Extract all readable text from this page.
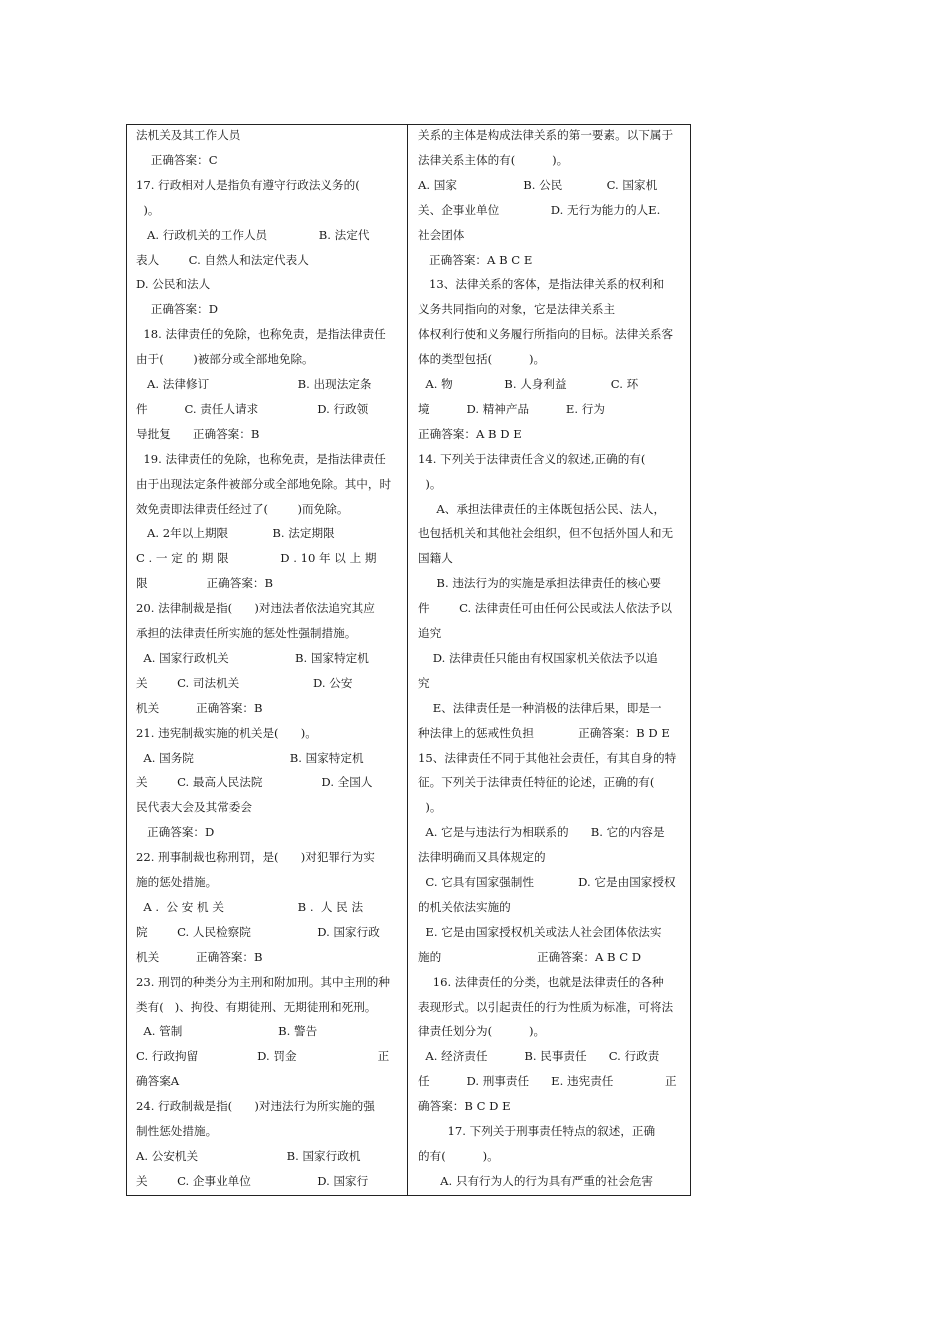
法机关及其工作人员
正确答案：C
17. 行政相对人是指负有遵守行政法义务的(
)。
A. 行政机关的工作人员              B. 法定代
表人        C. 自然人和法定代表人
D. 公民和法人
正确答案：D
18. 法律责任的免除，也称免责，是指法律责任
由于(        )被部分或全部地免除。
A. 法律修订                        B. 出现法定条
件          C. 责任人请求                D. 行政领
导批复      正确答案：B
19. 法律责任的免除，也称免责，是指法律责任
由于出现法定条件被部分或全部地免除。其中，时
效免责即法律责任经过了(        )而免除。
A. 2年以上期限            B. 法定期限
C . 一 定 的 期 限              D . 10 年 以 上 期
限                正确答案：B
20. 法律制裁是指(      )对违法者依法追究其应
承担的法律责任所实施的惩处性强制措施。
A. 国家行政机关                  B. 国家特定机
关        C. 司法机关                    D. 公安
机关          正确答案：B
21. 违宪制裁实施的机关是(      )。
A. 国务院                          B. 国家特定机
关        C. 最高人民法院                D. 全国人
民代表大会及其常委会
正确答案：D
22. 刑事制裁也称刑罚，是(      )对犯罪行为实
施的惩处措施。
A .  公 安 机 关                    B .  人 民 法
院        C. 人民检察院                  D. 国家行政
机关          正确答案：B
23. 刑罚的种类分为主刑和附加刑。其中主刑的种
类有(   )、拘役、有期徒刑、无期徒刑和死刑。
A. 管制                          B. 警告
C. 行政拘留                D. 罚金                      正
确答案A
24. 行政制裁是指(      )对违法行为所实施的强
制性惩处措施。
A. 公安机关                        B. 国家行政机
关        C. 企事业单位                  D. 国家行
关系的主体是构成法律关系的第一要素。以下属于
法律关系主体的有(          )。
A. 国家                  B. 公民            C. 国家机
关、企事业单位              D. 无行为能力的人E.
社会团体
正确答案：A B C E
13、法律关系的客体，是指法律关系的权利和
义务共同指向的对象，它是法律关系主
体权利行使和义务履行所指向的目标。法律关系客
体的类型包括(          )。
A. 物              B. 人身利益            C. 环
境          D. 精神产品          E. 行为
正确答案：A B D E
14. 下列关于法律责任含义的叙述,正确的有(
)。
A、承担法律责任的主体既包括公民、法人，
也包括机关和其他社会组织，但不包括外国人和无
国籍人
B. 违法行为的实施是承担法律责任的核心要
件        C. 法律责任可由任何公民或法人依法予以
追究
D. 法律责任只能由有权国家机关依法予以追
究
E、法律责任是一种消极的法律后果，即是一
种法律上的惩戒性负担            正确答案：B D E
15、法律责任不同于其他社会责任，有其自身的特
征。下列关于法律责任特征的论述，正确的有(
)。
A. 它是与违法行为相联系的      B. 它的内容是
法律明确而又具体规定的
C. 它具有国家强制性            D. 它是由国家授权
的机关依法实施的
E. 它是由国家授权机关或法人社会团体依法实
施的                          正确答案：A B C D
16. 法律责任的分类，也就是法律责任的各种
表现形式。以引起责任的行为性质为标准，可将法
律责任划分为(          )。
A. 经济责任          B. 民事责任      C. 行政责
任          D. 刑事责任      E. 违宪责任              正
确答案：B C D E
17. 下列关于刑事责任特点的叙述，正确
的有(          )。
A. 只有行为人的行为具有严重的社会危害
